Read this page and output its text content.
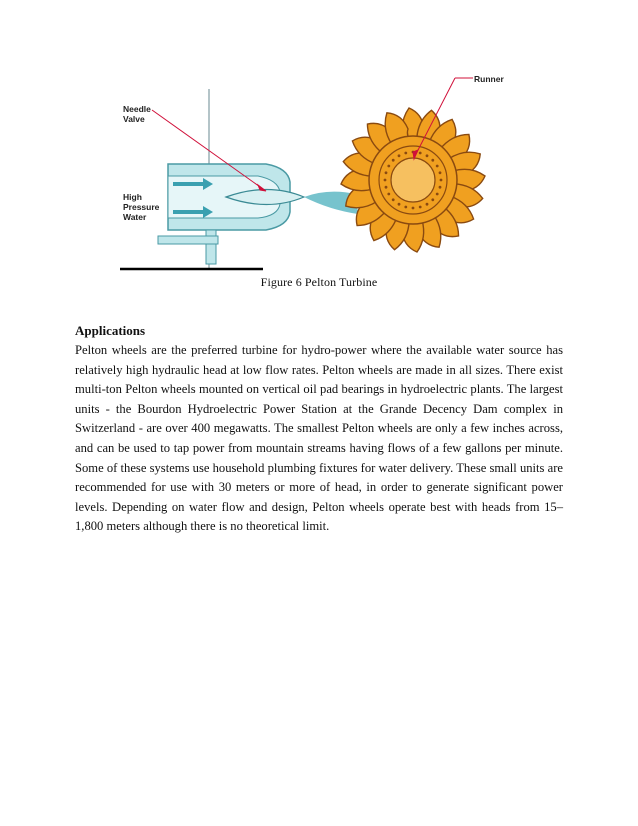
Needle
Valve
High
Pressure
Water
Runner
Figure 6 Pelton Turbine
Applications

Pelton wheels are the preferred turbine for hydro-power where the available water source has relatively high hydraulic head at low flow rates. Pelton wheels are made in all sizes. There exist multi-ton Pelton wheels mounted on vertical oil pad bearings in hydroelectric plants. The largest units - the Bourdon Hydroelectric Power Station at the Grande Decency Dam complex in Switzerland - are over 400 megawatts. The smallest Pelton wheels are only a few inches across, and can be used to tap power from mountain streams having flows of a few gallons per minute. Some of these systems use household plumbing fixtures for water delivery. These small units are recommended for use with 30 meters or more of head, in order to generate significant power levels. Depending on water flow and design, Pelton wheels operate best with heads from 15–1,800 meters although there is no theoretical limit.
